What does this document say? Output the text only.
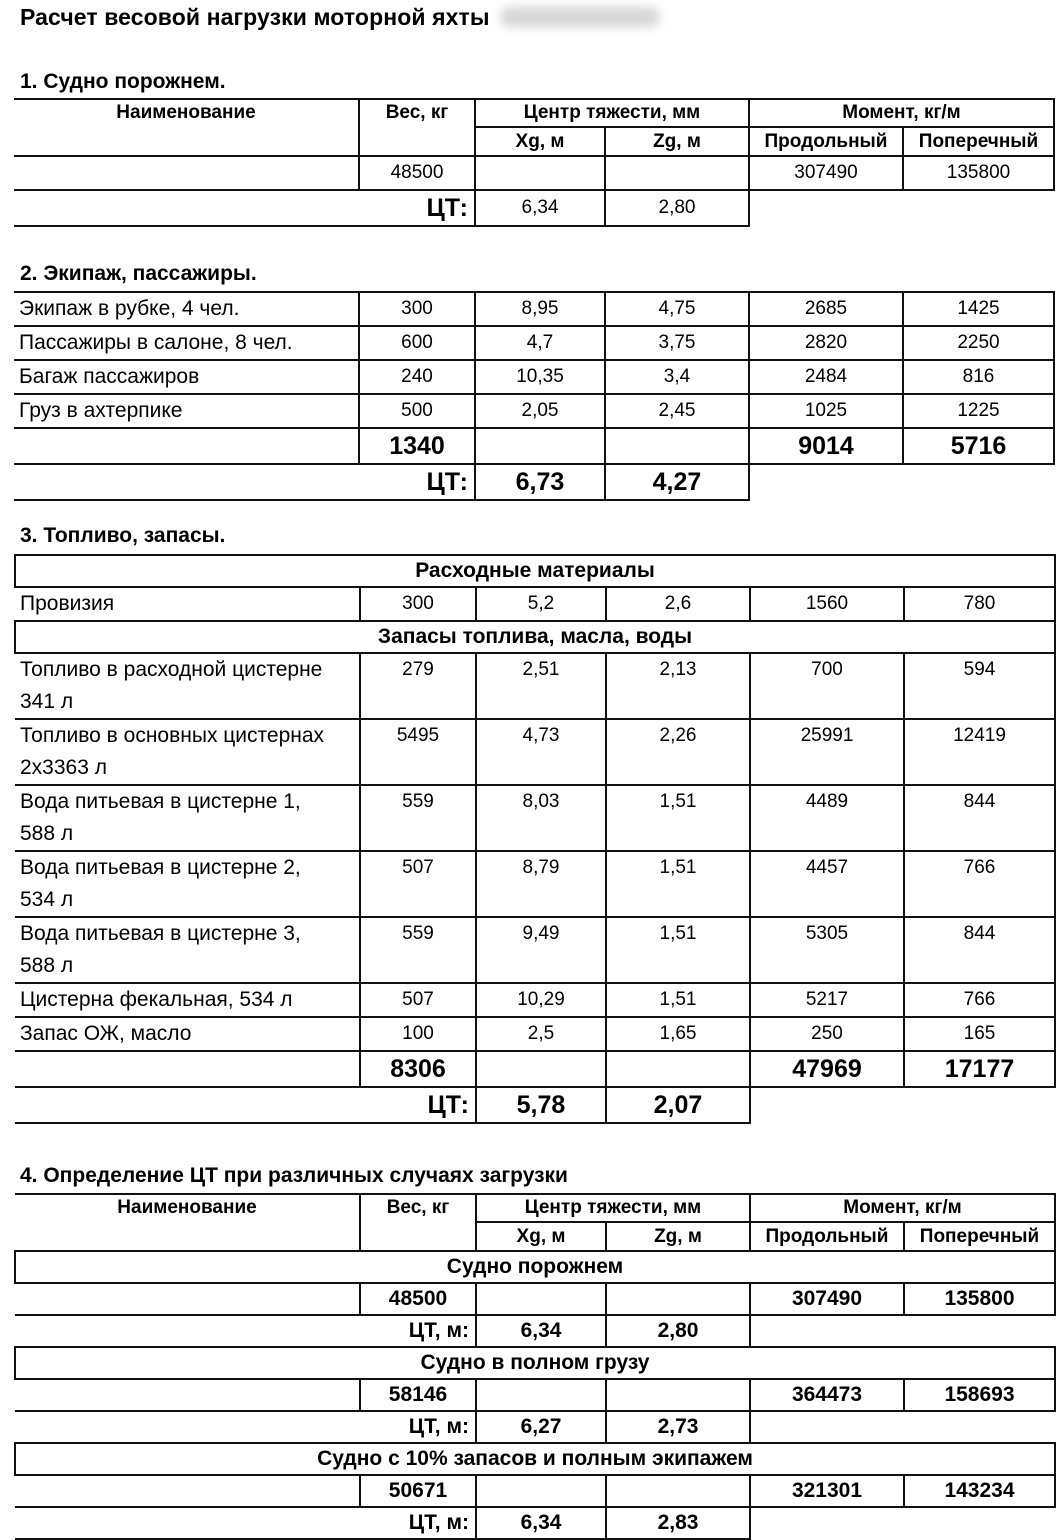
Расчет весовой нагрузки моторной яхты
1. Судно порожнем.
Наименование	Вес, кг	Центр тяжести, мм		Момент, кг/м	
		Xg, м	Zg, м	Продольный	Поперечный
	48500			307490	135800
ЦТ:		6,34	2,80		
2. Экипаж, пассажиры.
Экипаж в рубке, 4 чел.	300	8,95	4,75	2685	1425
Пассажиры в салоне, 8 чел.	600	4,7	3,75	2820	2250
Багаж пассажиров	240	10,35	3,4	2484	816
Груз в ахтерпике	500	2,05	2,45	1025	1225
	1340			9014	5716
ЦТ:		6,73	4,27		
3. Топливо, запасы.
Расходные материалы					
Провизия	300	5,2	2,6	1560	780
Запасы топлива, масла, воды					

Топливо в расходной цистерне
341 л	279	2,51	2,13	700	594

Топливо в основных цистернах
2х3363 л	5495	4,73	2,26	25991	12419

Вода питьевая в цистерне 1,
588 л	559	8,03	1,51	4489	844

Вода питьевая в цистерне 2,
534 л	507	8,79	1,51	4457	766

Вода питьевая в цистерне 3,
588 л	559	9,49	1,51	5305	844
Цистерна фекальная, 534 л	507	10,29	1,51	5217	766
Запас ОЖ, масло	100	2,5	1,65	250	165
	8306			47969	17177
ЦТ:		5,78	2,07		
4. Определение ЦТ при различных случаях загрузки
Наименование	Вес, кг	Центр тяжести, мм		Момент, кг/м	
		Xg, м	Zg, м	Продольный	Поперечный
Судно порожнем					
	48500			307490	135800
ЦТ, м:		6,34	2,80		
Судно в полном грузу					
	58146			364473	158693
ЦТ, м:		6,27	2,73		
Судно с 10% запасов и полным экипажем					
	50671			321301	143234
ЦТ, м:		6,34	2,83		
